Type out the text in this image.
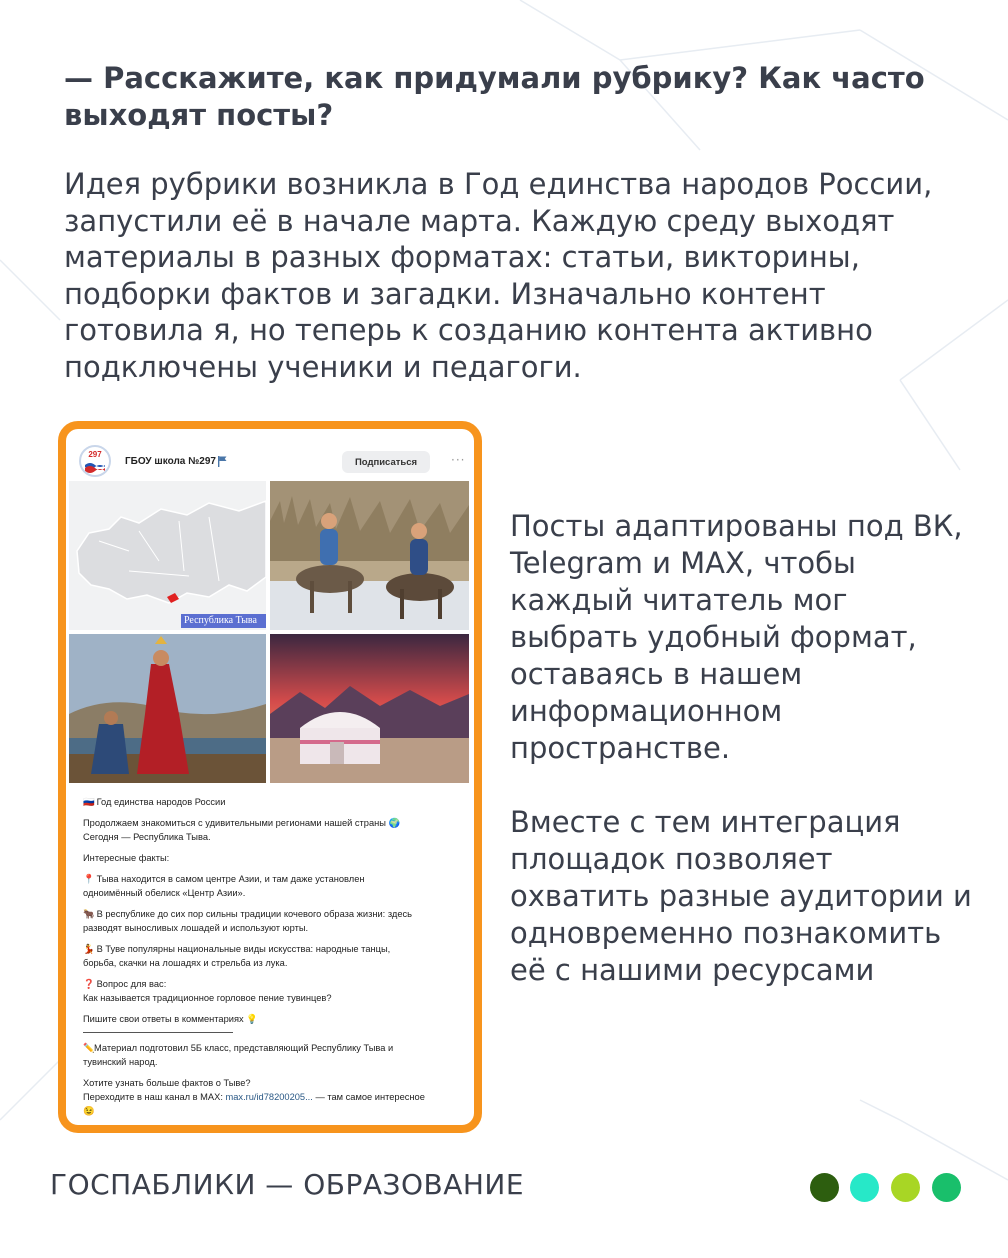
— Расскажите, как придумали рубрику? Как часто выходят посты?

Идея рубрики возникла в Год единства народов России, запустили её в начале марта. Каждую среду выходят материалы в разных форматах: статьи, викторины, подборки фактов и загадки. Изначально контент готовила я, но теперь к созданию контента активно подключены ученики и педагоги.

297
ГБОУ школа №297	Подписаться	···
Республика Тыва

🇷🇺 Год единства народов России

Продолжаем знакомиться с удивительными регионами нашей страны 🌍
Сегодня — Республика Тыва.

Интересные факты:

📍 Тыва находится в самом центре Азии, и там даже установлен
одноимённый обелиск «Центр Азии».

🐂 В республике до сих пор сильны традиции кочевого образа жизни: здесь
разводят выносливых лошадей и используют юрты.

💃 В Туве популярны национальные виды искусства: народные танцы,
борьба, скачки на лошадях и стрельба из лука.

❓ Вопрос для вас:
Как называется традиционное горловое пение тувинцев?

Пишите свои ответы в комментариях 💡

✏️Материал подготовил 5Б класс, представляющий Республику Тыва и
тувинский народ.

Хотите узнать больше фактов о Тыве?
Переходите в наш канал в MAX: max.ru/id78200205... — там самое интересное
😉

Посты адаптированы под ВК, Telegram и MAX, чтобы каждый читатель мог выбрать удобный формат, оставаясь в нашем информационном пространстве.

Вместе с тем интеграция площадок позволяет охватить разные аудитории и одновременно познакомить её с нашими ресурсами

ГОСПАБЛИКИ — ОБРАЗОВАНИЕ
